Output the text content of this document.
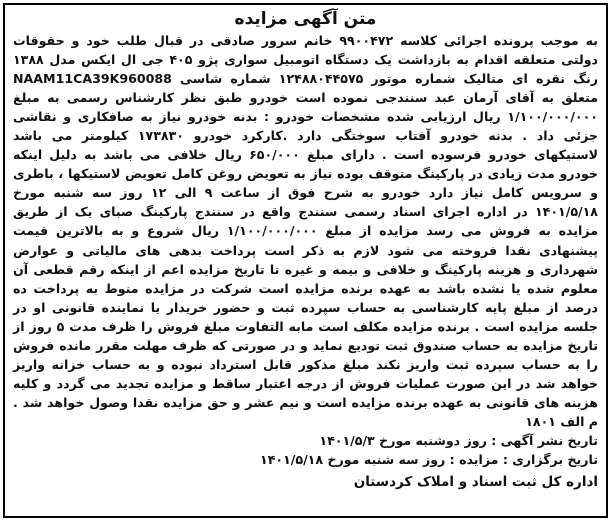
متن آگهی مزایده

به موجب پرونده اجرائی کلاسه ۹۹۰۰۴۷۲ خانم سرور صادقی در قبال طلب خود و حقوقات دولتی متعلقه اقدام به بازداشت یک دستگاه اتومبیل سواری پژو ۴۰۵ جی ال ایکس مدل ۱۳۸۸ رنگ نقره ای متالیک شماره موتور ۱۲۴۸۸۰۴۴۵۷۵ شماره شاسی NAAM11CA39K960088 متعلق به آقای آرمان عبد سنندجی نموده است خودرو طبق نظر کارشناس رسمی به مبلغ ۱/۱۰۰/۰۰۰/۰۰۰ ریال ارزیابی شده مشخصات خودرو : بدنه خودرو نیاز به صافکاری و نقاشی جزئی داد . بدنه خودرو آفتاب سوختگی دارد .کارکرد خودرو ۱۷۳۸۳۰ کیلومتر می باشد لاستیکهای خودرو فرسوده است . دارای مبلغ ۶۵۰/۰۰۰ ریال خلافی می باشد به دلیل اینکه خودرو مدت زیادی در پارکینگ متوقف بوده نیاز به تعویض روغن کامل تعویض لاستیکها ، باطری و سرویس کامل نیاز دارد خودرو به شرح فوق از ساعت ۹ الی ۱۲ روز سه شنبه مورخ ۱۴۰۱/۵/۱۸ در اداره اجرای اسناد رسمی سنندج واقع در سنندج پارکینگ صبای یک از طریق مزایده به فروش می رسد مزایده از مبلغ ۱/۱۰۰/۰۰۰/۰۰۰ ریال شروع و به بالاترین قیمت پیشنهادی نقدا فروخته می شود لازم به ذکر است پرداخت بدهی های مالیاتی و عوارض شهرداری و هزینه پارکینگ و خلافی و بیمه و غیره تا تاریخ مزایده اعم از اینکه رقم قطعی آن معلوم شده یا نشده باشد به عهده برنده مزایده است شرکت در مزایده منوط به پرداخت ده درصد از مبلغ پایه کارشناسی به حساب سپرده ثبت و حضور خریدار یا نماینده قانونی او در جلسه مزایده است . برنده مزایده مکلف است مابه التفاوت مبلغ فروش را ظرف مدت ۵ روز از تاریخ مزایده به حساب صندوق ثبت تودیع نماید و در صورتی که ظرف مهلت مقرر مانده فروش را به حساب سپرده ثبت واریز نکند مبلغ مذکور قابل استرداد نبوده و به حساب خزانه واریز خواهد شد در این صورت عملیات فروش از درجه اعتبار ساقط و مزایده تجدید می گردد و کلیه هزینه های قانونی به عهده برنده مزایده است و نیم عشر و حق مزایده نقدا وصول خواهد شد . م الف ۱۸۰۱

تاریخ نشر آگهی : روز دوشنبه مورخ ۱۴۰۱/۵/۳
تاریخ برگزاری : مزایده : روز سه شنبه مورخ ۱۴۰۱/۵/۱۸
اداره کل ثبت اسناد و املاک کردستان
